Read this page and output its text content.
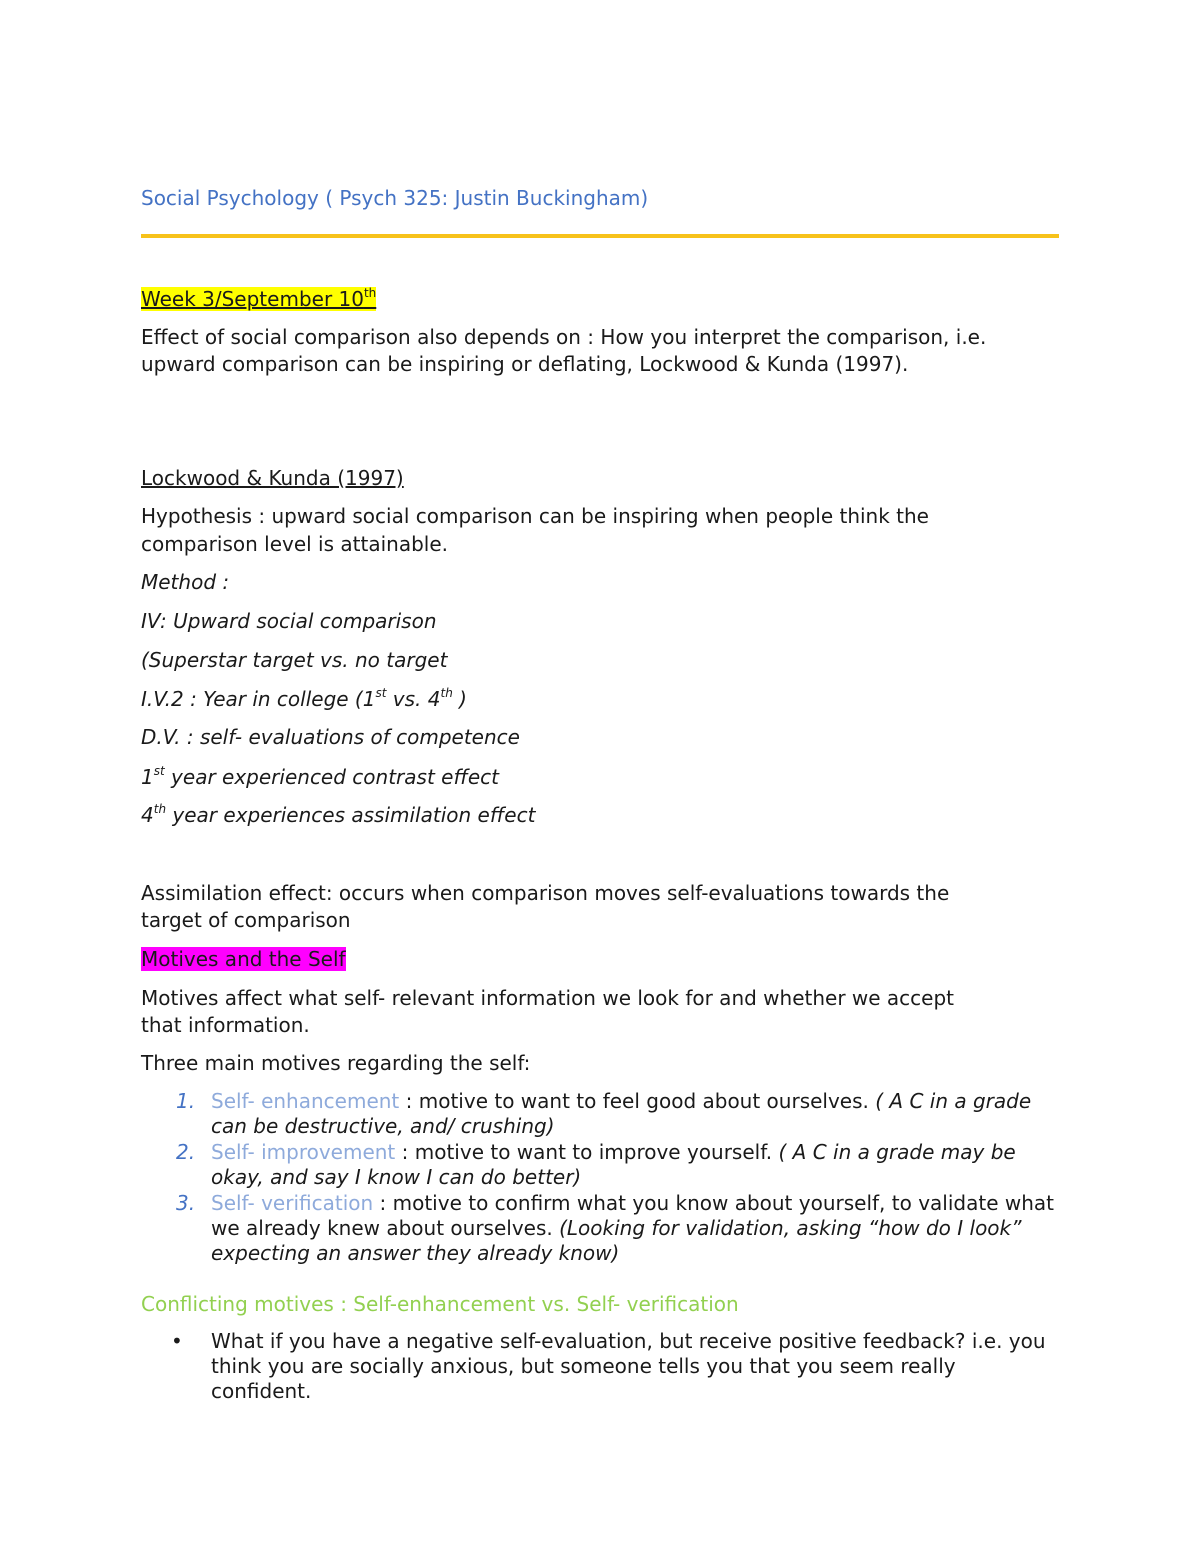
Social Psychology ( Psych 325: Justin Buckingham)

Week 3/September 10th

Effect of social comparison also depends on : How you interpret the comparison, i.e.

upward comparison can be inspiring or deflating, Lockwood & Kunda (1997).

Lockwood & Kunda (1997)

Hypothesis : upward social comparison can be inspiring when people think the

comparison level is attainable.

Method :

IV: Upward social comparison

(Superstar target vs. no target

I.V.2 : Year in college (1st vs. 4th )

D.V. : self- evaluations of competence

1st year experienced contrast effect

4th year experiences assimilation effect

Assimilation effect: occurs when comparison moves self-evaluations towards the

target of comparison

Motives and the Self

Motives affect what self- relevant information we look for and whether we accept

that information.

Three main motives regarding the self:

1. Self- enhancement : motive to want to feel good about ourselves. ( A C in a grade can be destructive, and/ crushing)
2. Self- improvement : motive to want to improve yourself. ( A C in a grade may be okay, and say I know I can do better)
3. Self- verification : motive to confirm what you know about yourself, to validate what we already knew about ourselves. (Looking for validation, asking “how do I look” expecting an answer they already know)

Conflicting motives : Self-enhancement vs. Self- verification

• What if you have a negative self-evaluation, but receive positive feedback? i.e. you think you are socially anxious, but someone tells you that you seem really confident.
